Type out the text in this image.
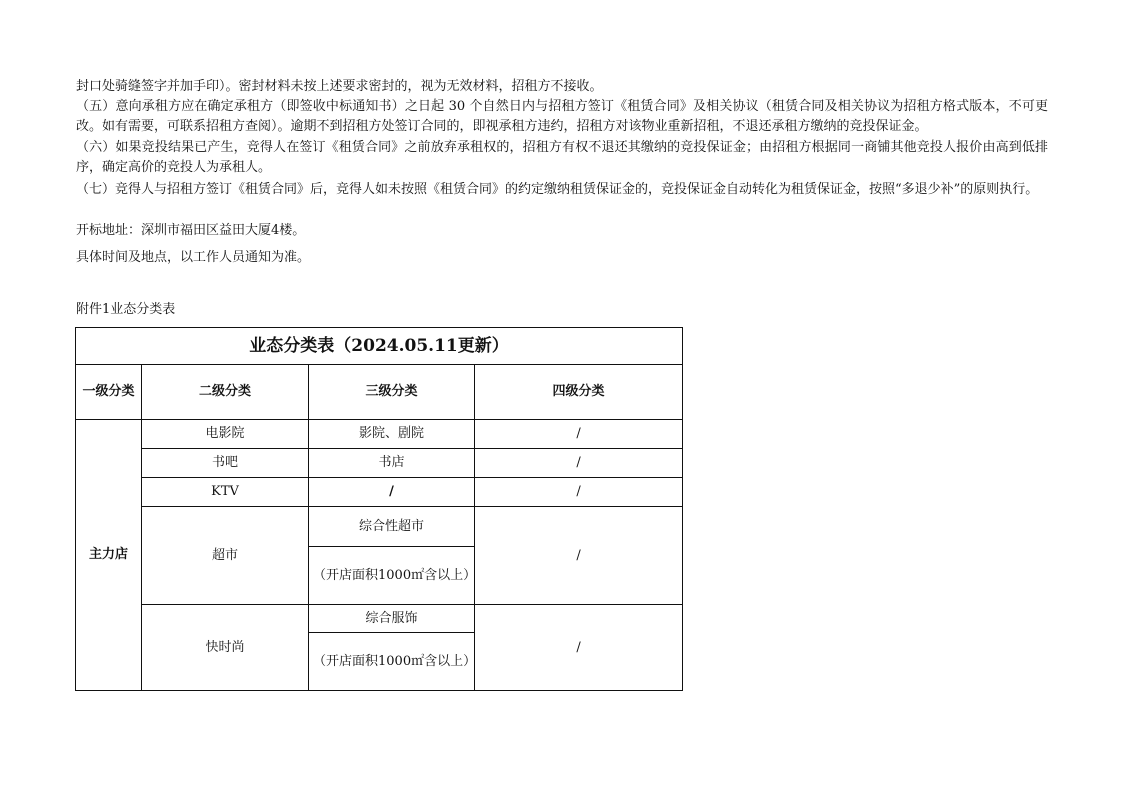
封口处骑缝签字并加手印）。密封材料未按上述要求密封的，视为无效材料，招租方不接收。

（五）意向承租方应在确定承租方（即签收中标通知书）之日起 30 个自然日内与招租方签订《租赁合同》及相关协议（租赁合同及相关协议为招租方格式版本，不可更改。如有需要，可联系招租方查阅）。逾期不到招租方处签订合同的，即视承租方违约，招租方对该物业重新招租，不退还承租方缴纳的竞投保证金。

（六）如果竞投结果已产生，竞得人在签订《租赁合同》之前放弃承租权的，招租方有权不退还其缴纳的竞投保证金；由招租方根据同一商铺其他竞投人报价由高到低排序，确定高价的竞投人为承租人。

（七）竞得人与招租方签订《租赁合同》后，竞得人如未按照《租赁合同》的约定缴纳租赁保证金的，竞投保证金自动转化为租赁保证金，按照“多退少补”的原则执行。

开标地址：深圳市福田区益田大厦4楼。

具体时间及地点，以工作人员通知为准。

附件1业态分类表
业态分类表（2024.05.11更新）			
一级分类	二级分类	三级分类	四级分类
主力店	电影院	影院、剧院	/
	书吧	书店	/
	KTV	/	/
	超市	综合性超市	/
		（开店面积1000㎡含以上）	
	快时尚	综合服饰	/
		（开店面积1000㎡含以上）	
